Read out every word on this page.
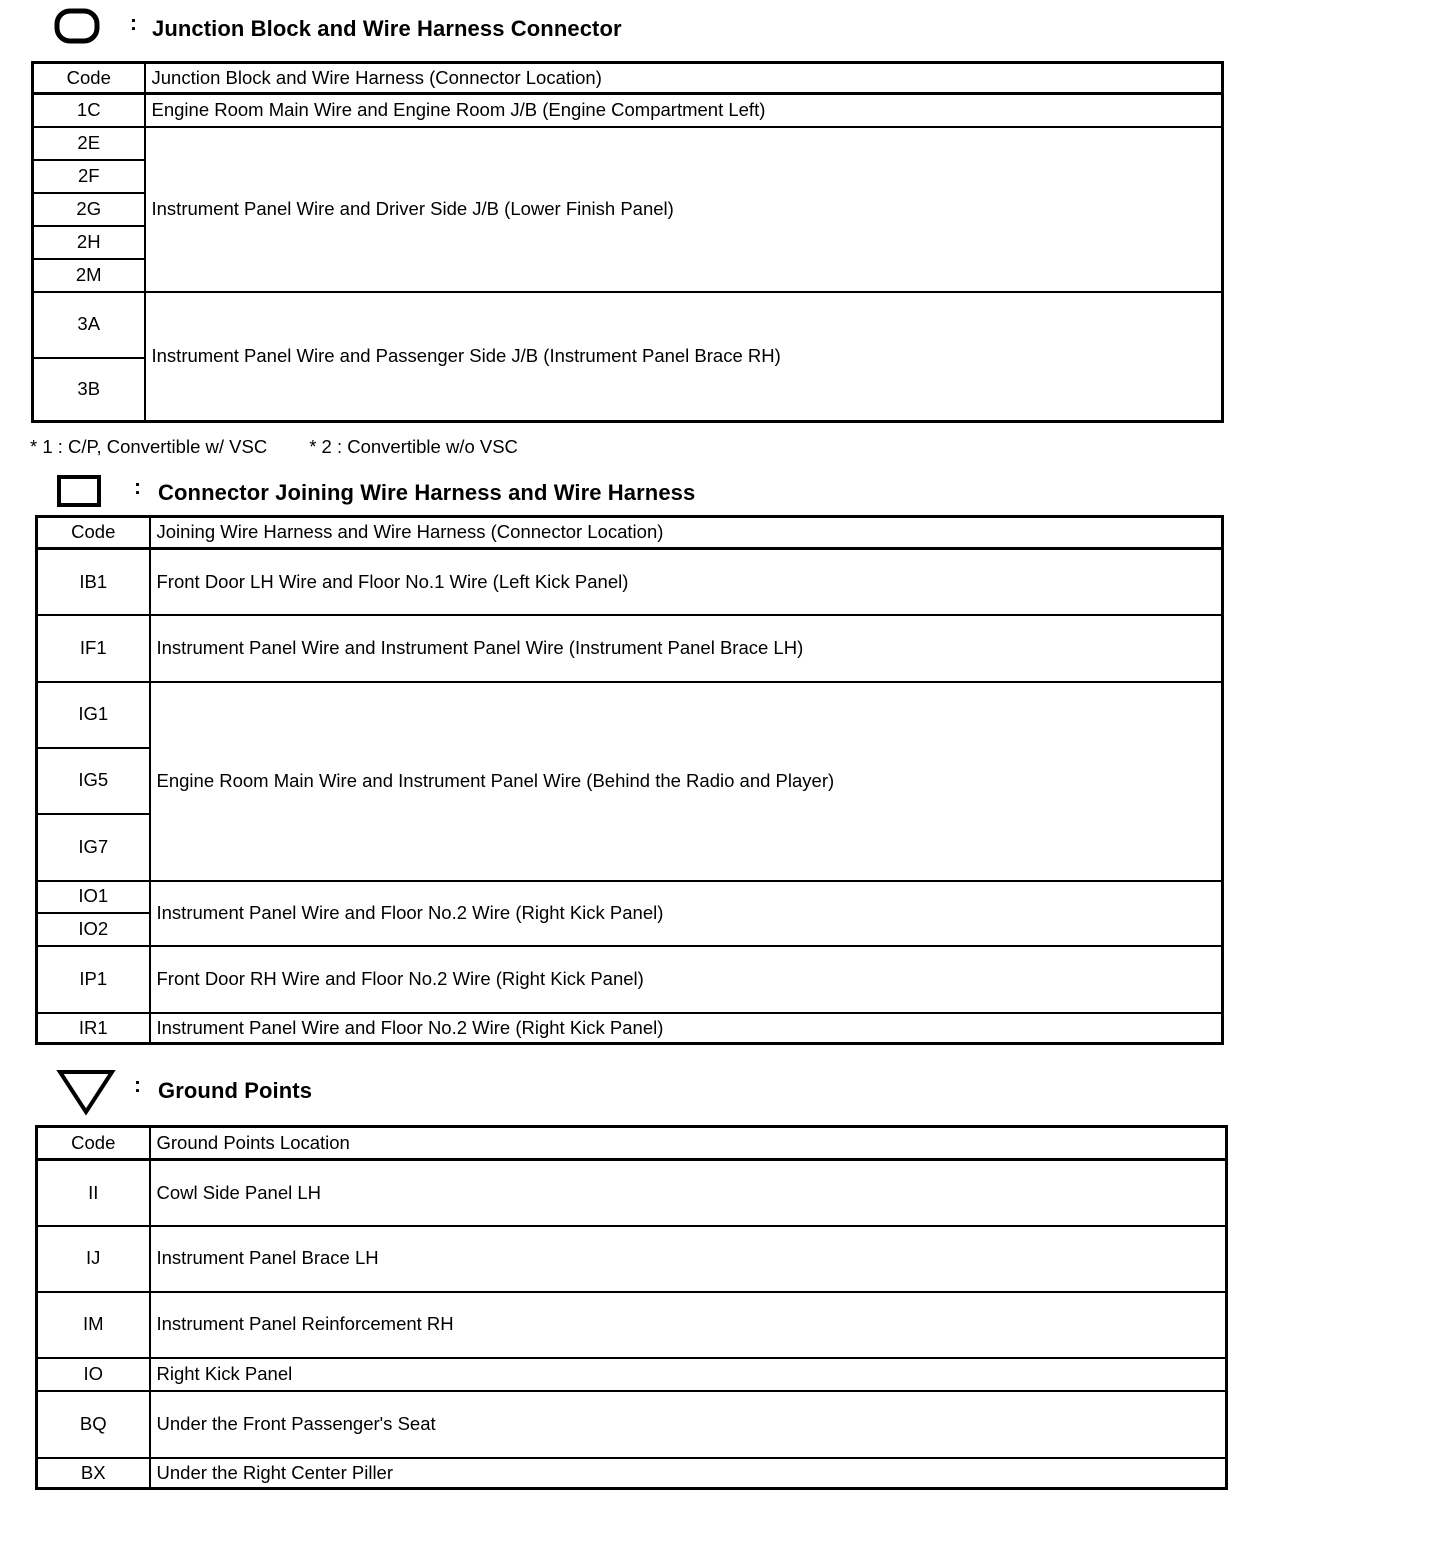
: Junction Block and Wire Harness Connector
Code	Junction Block and Wire Harness (Connector Location)
1C	Engine Room Main Wire and Engine Room J/B (Engine Compartment Left)
2E	Instrument Panel Wire and Driver Side J/B (Lower Finish Panel)
2F	
2G	
2H	
2M	
3A	Instrument Panel Wire and Passenger Side J/B (Instrument Panel Brace RH)
3B	
* 1 : C/P, Convertible w/ VSC * 2 : Convertible w/o VSC
: Connector Joining Wire Harness and Wire Harness
Code	Joining Wire Harness and Wire Harness (Connector Location)
IB1	Front Door LH Wire and Floor No.1 Wire (Left Kick Panel)
IF1	Instrument Panel Wire and Instrument Panel Wire (Instrument Panel Brace LH)
IG1	Engine Room Main Wire and Instrument Panel Wire (Behind the Radio and Player)
IG5	
IG7	
IO1	Instrument Panel Wire and Floor No.2 Wire (Right Kick Panel)
IO2	
IP1	Front Door RH Wire and Floor No.2 Wire (Right Kick Panel)
IR1	Instrument Panel Wire and Floor No.2 Wire (Right Kick Panel)
: Ground Points
Code	Ground Points Location
II	Cowl Side Panel LH
IJ	Instrument Panel Brace LH
IM	Instrument Panel Reinforcement RH
IO	Right Kick Panel
BQ	Under the Front Passenger's Seat
BX	Under the Right Center Piller
